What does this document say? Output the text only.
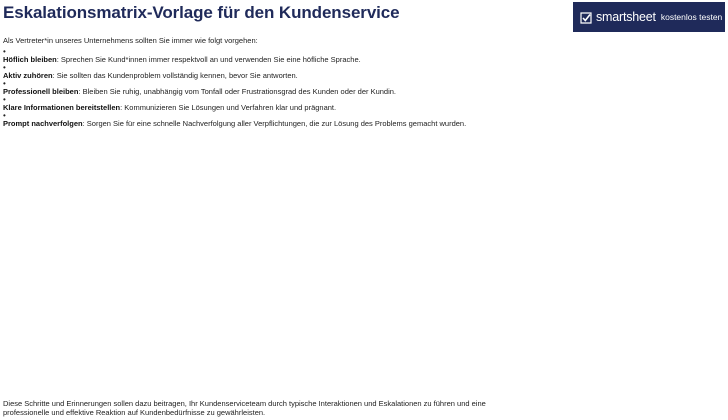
Eskalationsmatrix-Vorlage für den Kundenservice	smartsheet kostenlos testen

Als Vertreter*in unseres Unternehmens sollten Sie immer wie folgt vorgehen:

•
Höflich bleiben: Sprechen Sie Kund*innen immer respektvoll an und verwenden Sie eine höfliche Sprache.
•
Aktiv zuhören: Sie sollten das Kundenproblem vollständig kennen, bevor Sie antworten.
•
Professionell bleiben: Bleiben Sie ruhig, unabhängig vom Tonfall oder Frustrationsgrad des Kunden oder der Kundin.
•
Klare Informationen bereitstellen: Kommunizieren Sie Lösungen und Verfahren klar und prägnant.
•
Prompt nachverfolgen: Sorgen Sie für eine schnelle Nachverfolgung aller Verpflichtungen, die zur Lösung des Problems gemacht wurden.

Diese Schritte und Erinnerungen sollen dazu beitragen, Ihr Kundenserviceteam durch typische Interaktionen und Eskalationen zu führen und eine professionelle und effektive Reaktion auf Kundenbedürfnisse zu gewährleisten.
